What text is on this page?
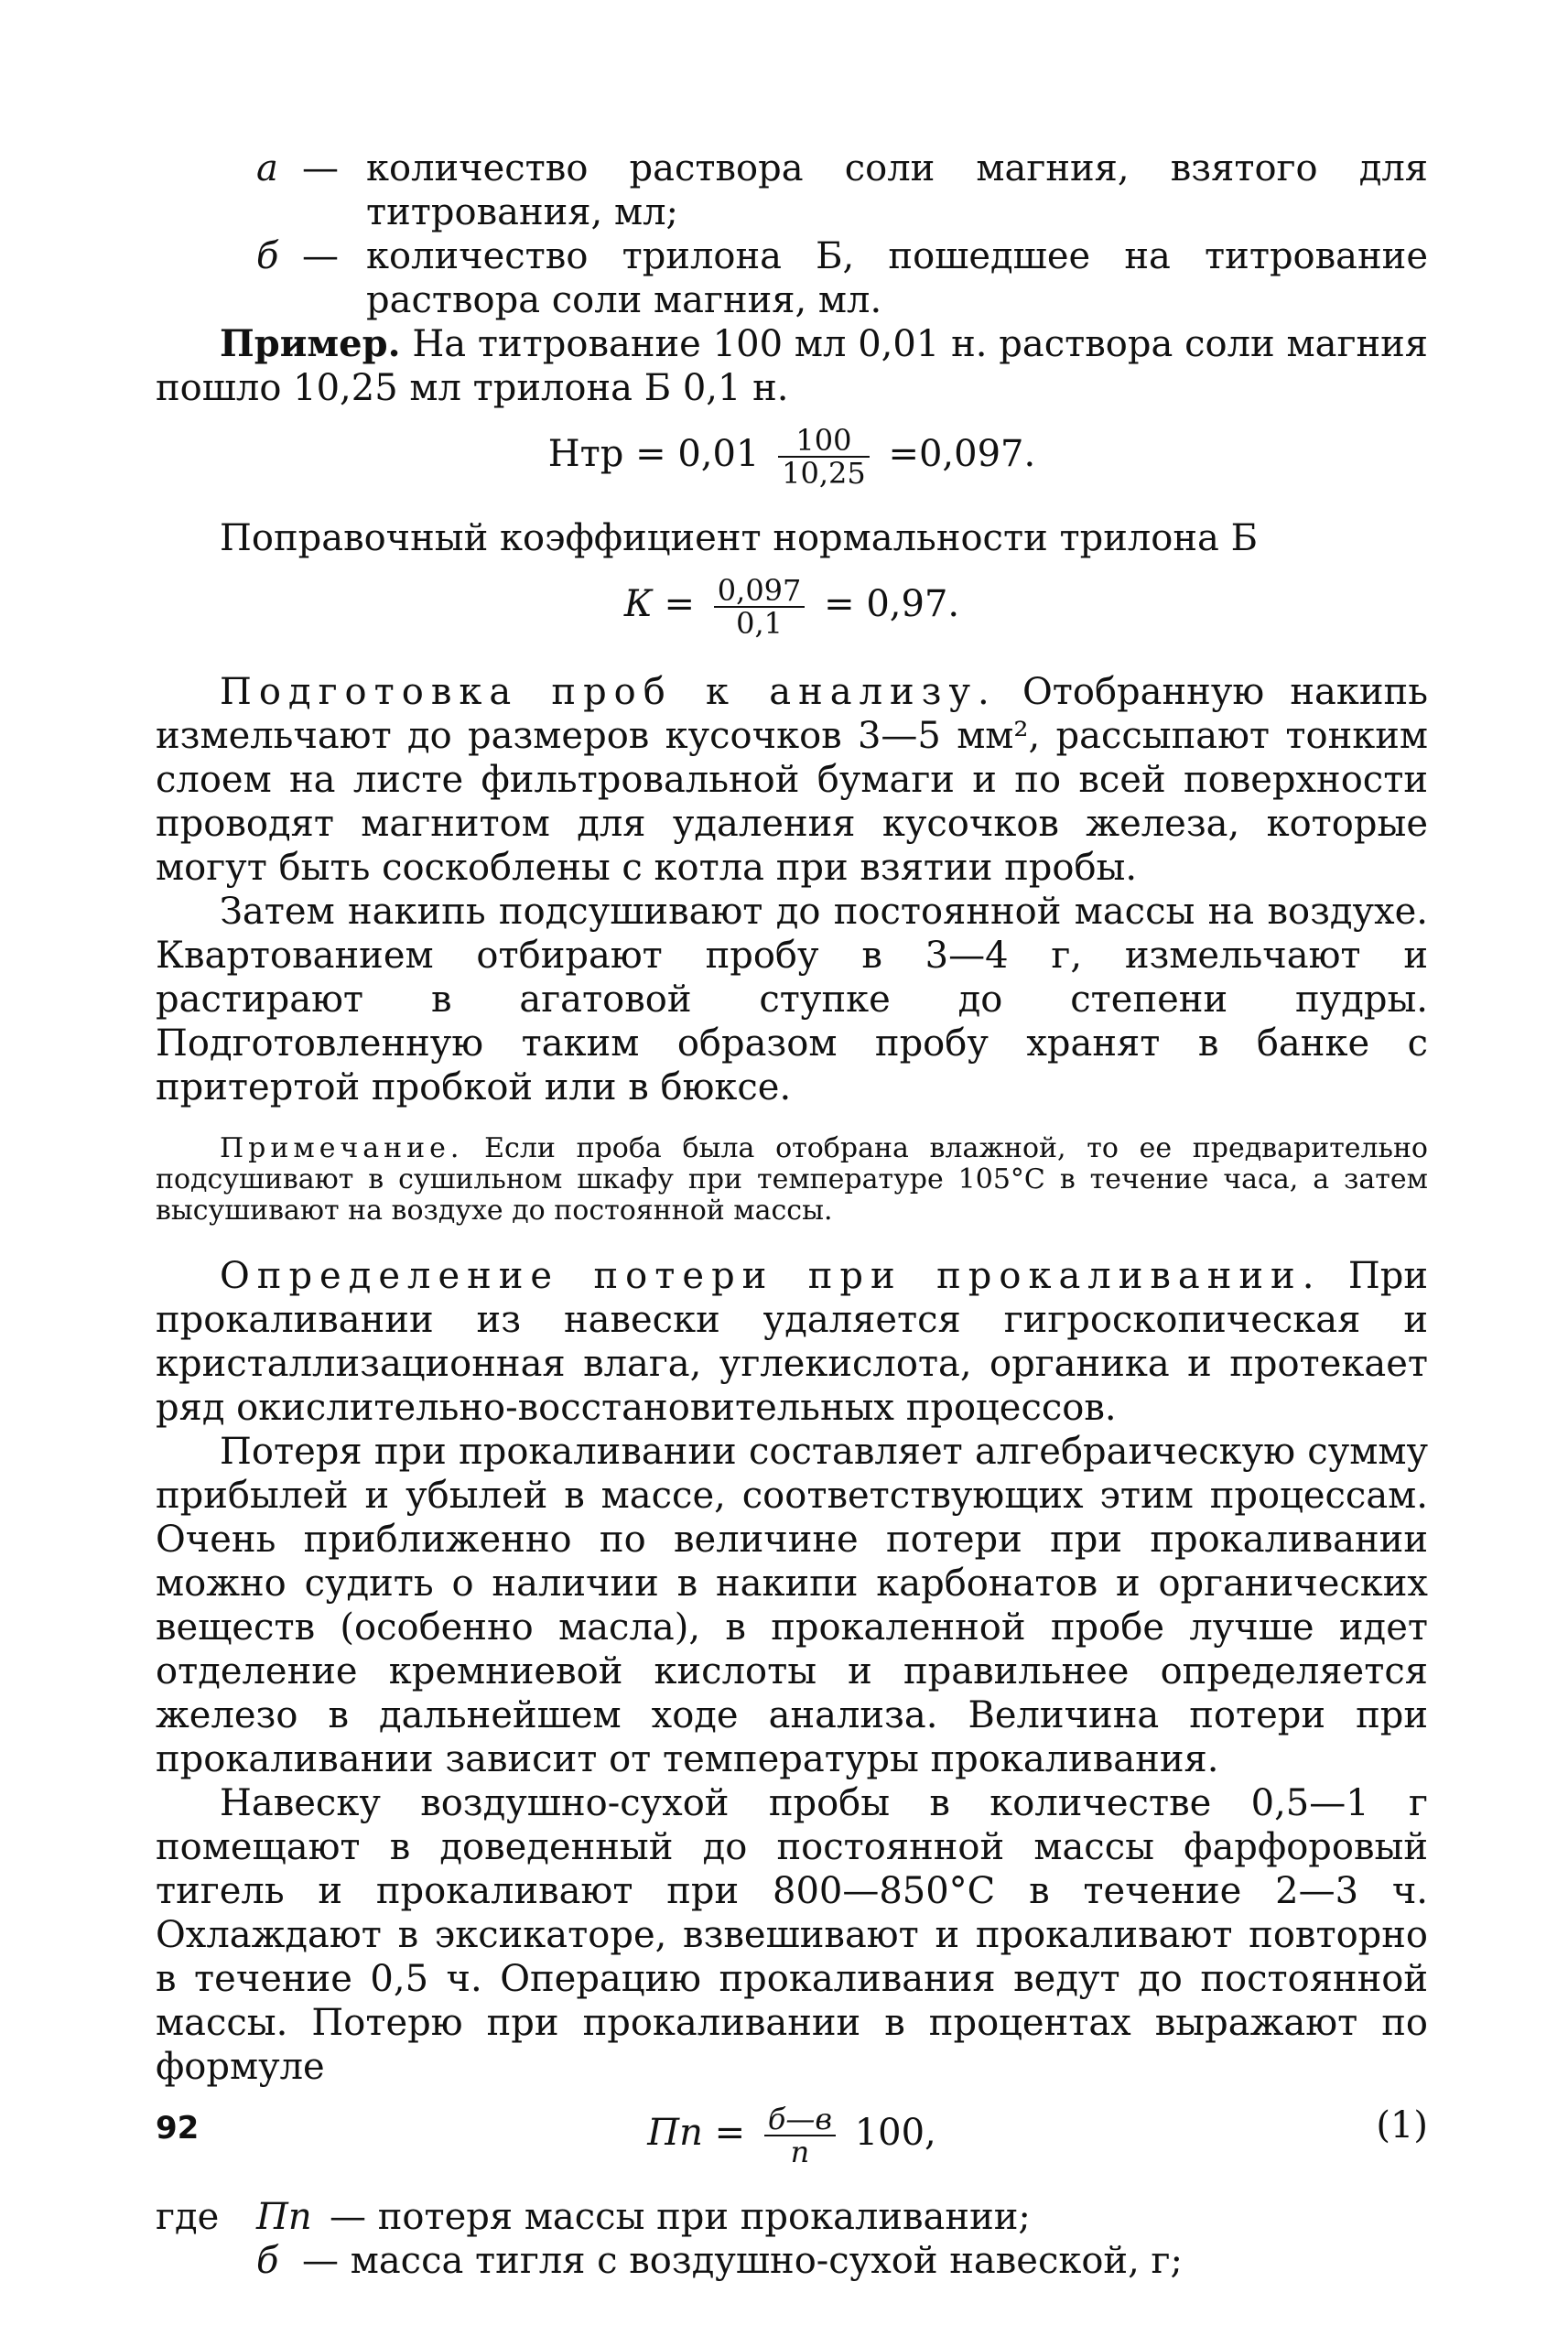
а — количество раствора соли магния, взятого для титрования, мл;
б — количество трилона Б, пошедшее на титрование раствора соли магния, мл.

Пример. На титрование 100 мл 0,01 н. раствора соли магния пошло 10,25 мл трилона Б 0,1 н.

Нтр = $0,01 \frac{100}{10,25} =0,097$.

Поправочный коэффициент нормальности трилона Б

$К = \frac{0,097}{0,1} = 0,97$.

Подготовка проб к анализу. Отобранную накипь измельчают до размеров кусочков 3—5 мм², рассыпают тонким слоем на листе фильтровальной бумаги и по всей поверхности проводят магнитом для удаления кусочков железа, которые могут быть соскоблены с котла при взятии пробы.

Затем накипь подсушивают до постоянной массы на воздухе. Квартованием отбирают пробу в 3—4 г, измельчают и растирают в агатовой ступке до степени пудры. Подготовленную таким образом пробу хранят в банке с притертой пробкой или в бюксе.

Примечание. Если проба была отобрана влажной, то ее предварительно подсушивают в сушильном шкафу при температуре 105°С в течение часа, а затем высушивают на воздухе до постоянной массы.

Определение потери при прокаливании. При прокаливании из навески удаляется гигроскопическая и кристаллизационная влага, углекислота, органика и протекает ряд окислительно-восстановительных процессов.

Потеря при прокаливании составляет алгебраическую сумму прибылей и убылей в массе, соответствующих этим процессам. Очень приближенно по величине потери при прокаливании можно судить о наличии в накипи карбонатов и органических веществ (особенно масла), в прокаленной пробе лучше идет отделение кремниевой кислоты и правильнее определяется железо в дальнейшем ходе анализа. Величина потери при прокаливании зависит от температуры прокаливания.

Навеску воздушно-сухой пробы в количестве 0,5—1 г помещают в доведенный до постоянной массы фарфоровый тигель и прокаливают при 800—850°С в течение 2—3 ч. Охлаждают в эксикаторе, взвешивают и прокаливают повторно в течение 0,5 ч. Операцию прокаливания ведут до постоянной массы. Потерю при прокаливании в процентах выражают по формуле

Пп = $\frac{б—в}{п} 100$,	(1)
где	Пп —
потеря массы при прокаливании;
б —
масса тигля с воздушно-сухой навеской, г;
92
